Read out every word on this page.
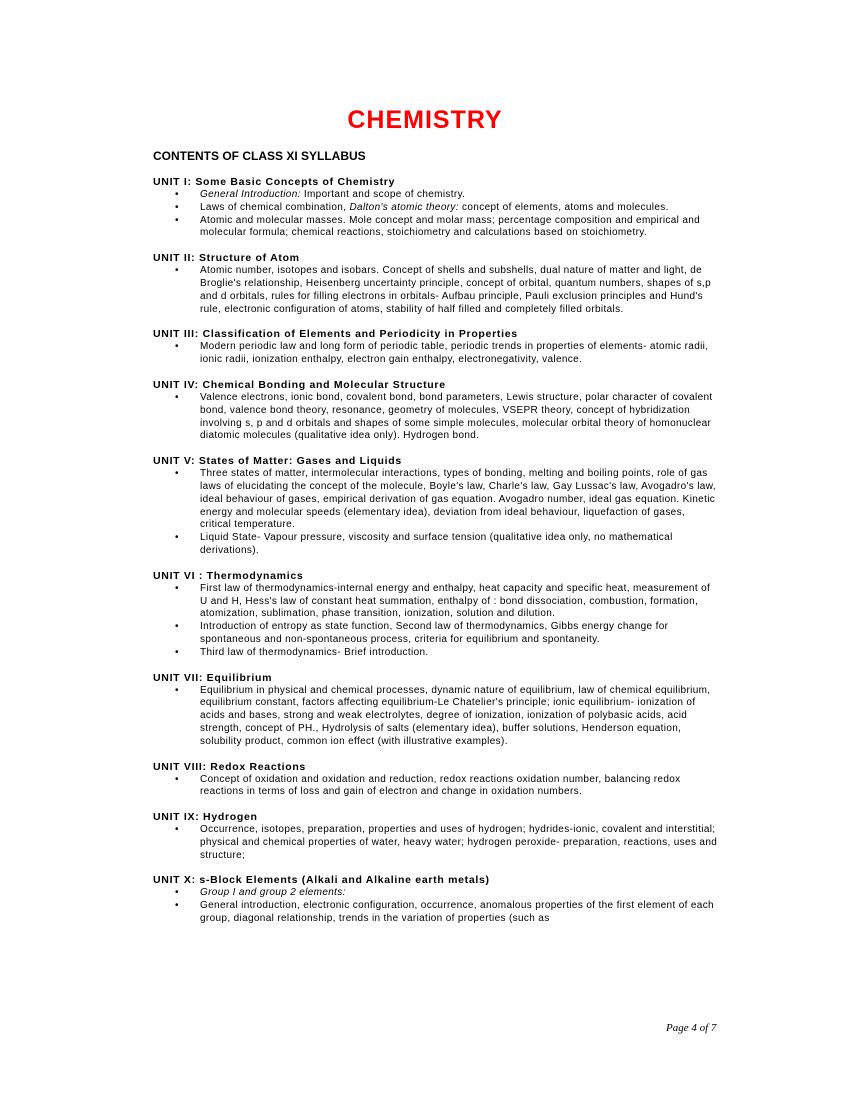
CHEMISTRY
CONTENTS OF CLASS XI SYLLABUS
UNIT I: Some Basic Concepts of Chemistry
• General Introduction: Important and scope of chemistry.
• Laws of chemical combination, Dalton's atomic theory: concept of elements, atoms and molecules.
• Atomic and molecular masses. Mole concept and molar mass; percentage composition and empirical and molecular formula; chemical reactions, stoichiometry and calculations based on stoichiometry.
UNIT II: Structure of Atom
• Atomic number, isotopes and isobars. Concept of shells and subshells, dual nature of matter and light, de Broglie's relationship, Heisenberg uncertainty principle, concept of orbital, quantum numbers, shapes of s,p and d orbitals, rules for filling electrons in orbitals- Aufbau principle, Pauli exclusion principles and Hund's rule, electronic configuration of atoms, stability of half filled and completely filled orbitals.
UNIT III: Classification of Elements and Periodicity in Properties
• Modern periodic law and long form of periodic table, periodic trends in properties of elements- atomic radii, ionic radii, ionization enthalpy, electron gain enthalpy, electronegativity, valence.
UNIT IV: Chemical Bonding and Molecular Structure
• Valence electrons, ionic bond, covalent bond, bond parameters, Lewis structure, polar character of covalent bond, valence bond theory, resonance, geometry of molecules, VSEPR theory, concept of hybridization involving s, p and d orbitals and shapes of some simple molecules, molecular orbital theory of homonuclear diatomic molecules (qualitative idea only). Hydrogen bond.
UNIT V: States of Matter: Gases and Liquids
• Three states of matter, intermolecular interactions, types of bonding, melting and boiling points, role of gas laws of elucidating the concept of the molecule, Boyle's law, Charle's law, Gay Lussac's law, Avogadro's law, ideal behaviour of gases, empirical derivation of gas equation. Avogadro number, ideal gas equation. Kinetic energy and molecular speeds (elementary idea), deviation from ideal behaviour, liquefaction of gases, critical temperature.
• Liquid State- Vapour pressure, viscosity and surface tension (qualitative idea only, no mathematical derivations).
UNIT VI : Thermodynamics
• First law of thermodynamics-internal energy and enthalpy, heat capacity and specific heat, measurement of U and H, Hess's law of constant heat summation, enthalpy of : bond dissociation, combustion, formation, atomization, sublimation, phase transition, ionization, solution and dilution.
• Introduction of entropy as state function, Second law of thermodynamics, Gibbs energy change for spontaneous and non-spontaneous process, criteria for equilibrium and spontaneity.
• Third law of thermodynamics- Brief introduction.
UNIT VII: Equilibrium
• Equilibrium in physical and chemical processes, dynamic nature of equilibrium, law of chemical equilibrium, equilibrium constant, factors affecting equilibrium-Le Chatelier's principle; ionic equilibrium- ionization of acids and bases, strong and weak electrolytes, degree of ionization, ionization of polybasic acids, acid strength, concept of PH., Hydrolysis of salts (elementary idea), buffer solutions, Henderson equation, solubility product, common ion effect (with illustrative examples).
UNIT VIII: Redox Reactions
• Concept of oxidation and oxidation and reduction, redox reactions oxidation number, balancing redox reactions in terms of loss and gain of electron and change in oxidation numbers.
UNIT IX: Hydrogen
• Occurrence, isotopes, preparation, properties and uses of hydrogen; hydrides-ionic, covalent and interstitial; physical and chemical properties of water, heavy water; hydrogen peroxide- preparation, reactions, uses and structure;
UNIT X: s-Block Elements (Alkali and Alkaline earth metals)
• Group I and group 2 elements:
• General introduction, electronic configuration, occurrence, anomalous properties of the first element of each group, diagonal relationship, trends in the variation of properties (such as
Page 4 of 7
